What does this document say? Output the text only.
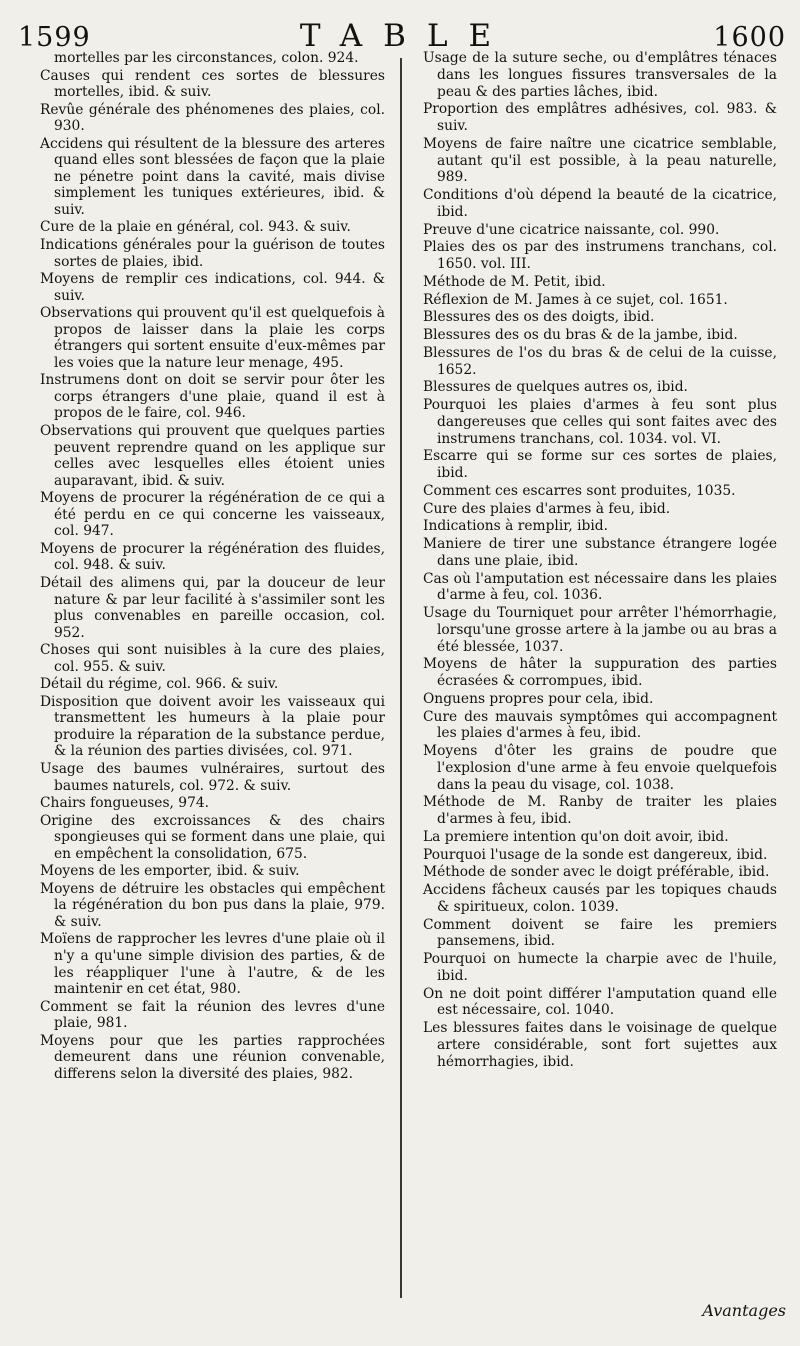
1599	TABLE	1600

mortelles par les circonstances, colon. 924.

Causes qui rendent ces sortes de blessures mortelles, ibid. & suiv.

Revûe générale des phénomenes des plaies, col. 930.

Accidens qui résultent de la blessure des arteres quand elles sont blessées de façon que la plaie ne pénetre point dans la cavité, mais divise simplement les tuniques extérieures, ibid. & suiv.

Cure de la plaie en général, col. 943. & suiv.

Indications générales pour la guérison de toutes sortes de plaies, ibid.

Moyens de remplir ces indications, col. 944. & suiv.

Observations qui prouvent qu'il est quelquefois à propos de laisser dans la plaie les corps étrangers qui sortent ensuite d'eux-mêmes par les voies que la nature leur menage, 495.

Instrumens dont on doit se servir pour ôter les corps étrangers d'une plaie, quand il est à propos de le faire, col. 946.

Observations qui prouvent que quelques parties peuvent reprendre quand on les applique sur celles avec lesquelles elles étoient unies auparavant, ibid. & suiv.

Moyens de procurer la régénération de ce qui a été perdu en ce qui concerne les vaisseaux, col. 947.

Moyens de procurer la régénération des fluides, col. 948. & suiv.

Détail des alimens qui, par la douceur de leur nature & par leur facilité à s'assimiler sont les plus convenables en pareille occasion, col. 952.

Choses qui sont nuisibles à la cure des plaies, col. 955. & suiv.

Détail du régime, col. 966. & suiv.

Disposition que doivent avoir les vaisseaux qui transmettent les humeurs à la plaie pour produire la réparation de la substance perdue, & la réunion des parties divisées, col. 971.

Usage des baumes vulnéraires, surtout des baumes naturels, col. 972. & suiv.

Chairs fongueuses, 974.

Origine des excroissances & des chairs spongieuses qui se forment dans une plaie, qui en empêchent la consolidation, 675.

Moyens de les emporter, ibid. & suiv.

Moyens de détruire les obstacles qui empêchent la régénération du bon pus dans la plaie, 979. & suiv.

Moïens de rapprocher les levres d'une plaie où il n'y a qu'une simple division des parties, & de les réappliquer l'une à l'autre, & de les maintenir en cet état, 980.

Comment se fait la réunion des levres d'une plaie, 981.

Moyens pour que les parties rapprochées demeurent dans une réunion convenable, differens selon la diversité des plaies, 982.

Usage de la suture seche, ou d'emplâtres ténaces dans les longues fissures transversales de la peau & des parties lâches, ibid.

Proportion des emplâtres adhésives, col. 983. & suiv.

Moyens de faire naître une cicatrice semblable, autant qu'il est possible, à la peau naturelle, 989.

Conditions d'où dépend la beauté de la cicatrice, ibid.

Preuve d'une cicatrice naissante, col. 990.

Plaies des os par des instrumens tranchans, col. 1650. vol. III.

Méthode de M. Petit, ibid.

Réflexion de M. James à ce sujet, col. 1651.

Blessures des os des doigts, ibid.

Blessures des os du bras & de la jambe, ibid.

Blessures de l'os du bras & de celui de la cuisse, 1652.

Blessures de quelques autres os, ibid.

Pourquoi les plaies d'armes à feu sont plus dangereuses que celles qui sont faites avec des instrumens tranchans, col. 1034. vol. VI.

Escarre qui se forme sur ces sortes de plaies, ibid.

Comment ces escarres sont produites, 1035.

Cure des plaies d'armes à feu, ibid.

Indications à remplir, ibid.

Maniere de tirer une substance étrangere logée dans une plaie, ibid.

Cas où l'amputation est nécessaire dans les plaies d'arme à feu, col. 1036.

Usage du Tourniquet pour arrêter l'hémorrhagie, lorsqu'une grosse artere à la jambe ou au bras a été blessée, 1037.

Moyens de hâter la suppuration des parties écrasées & corrompues, ibid.

Onguens propres pour cela, ibid.

Cure des mauvais symptômes qui accompagnent les plaies d'armes à feu, ibid.

Moyens d'ôter les grains de poudre que l'explosion d'une arme à feu envoie quelquefois dans la peau du visage, col. 1038.

Méthode de M. Ranby de traiter les plaies d'armes à feu, ibid.

La premiere intention qu'on doit avoir, ibid.

Pourquoi l'usage de la sonde est dangereux, ibid.

Méthode de sonder avec le doigt préférable, ibid.

Accidens fâcheux causés par les topiques chauds & spiritueux, colon. 1039.

Comment doivent se faire les premiers pansemens, ibid.

Pourquoi on humecte la charpie avec de l'huile, ibid.

On ne doit point différer l'amputation quand elle est nécessaire, col. 1040.

Les blessures faites dans le voisinage de quelque artere considérable, sont fort sujettes aux hémorrhagies, ibid.

Avantages
